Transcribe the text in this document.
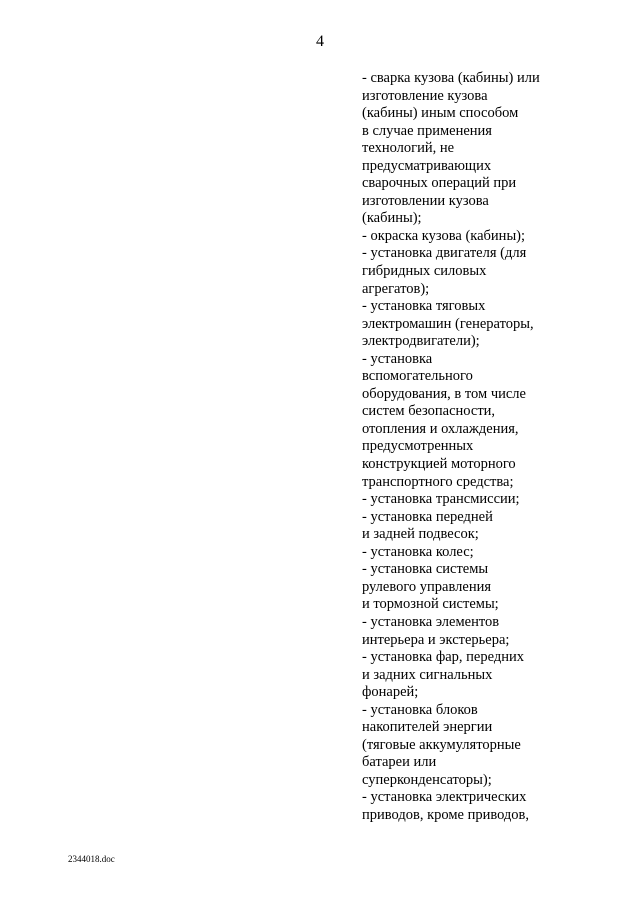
4
- сварка кузова (кабины) или
изготовление кузова
(кабины) иным способом
в случае применения
технологий, не
предусматривающих
сварочных операций при
изготовлении кузова
(кабины);
- окраска кузова (кабины);
- установка двигателя (для
гибридных силовых
агрегатов);
- установка тяговых
электромашин (генераторы,
электродвигатели);
- установка
вспомогательного
оборудования, в том числе
систем безопасности,
отопления и охлаждения,
предусмотренных
конструкцией моторного
транспортного средства;
- установка трансмиссии;
- установка передней
и задней подвесок;
- установка колес;
- установка системы
рулевого управления
и тормозной системы;
- установка элементов
интерьера и экстерьера;
- установка фар, передних
и задних сигнальных
фонарей;
- установка блоков
накопителей энергии
(тяговые аккумуляторные
батареи или
суперконденсаторы);
- установка электрических
приводов, кроме приводов,
2344018.doc
